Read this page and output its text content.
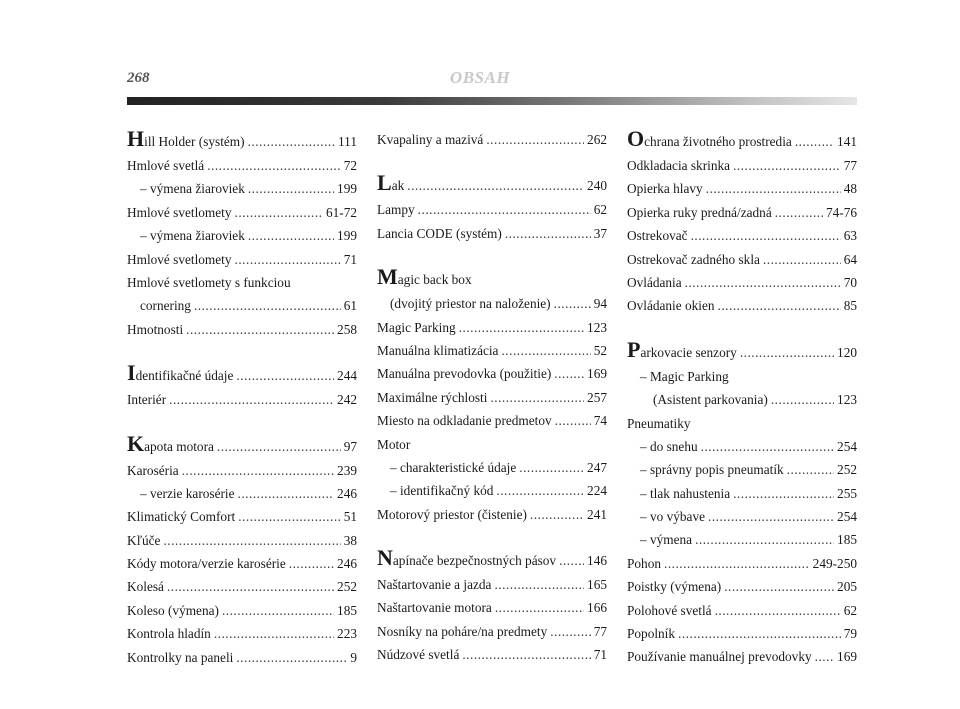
268	OBSAH
Hill Holder (systém) .....	111
Hmlové svetlá .....	72
– výmena žiaroviek .....	199
Hmlové svetlomety .....	61-72
– výmena žiaroviek .....	199
Hmlové svetlomety .....	71
Hmlové svetlomety s funkciou
cornering .....	61
Hmotnosti .....	258
Identifikačné údaje .....	244
Interiér .....	242
Kapota motora .....	97
Karoséria .....	239
– verzie karosérie .....	246
Klimatický Comfort .....	51
Kľúče .....	38
Kódy motora/verzie karosérie .....	246
Kolesá .....	252
Koleso (výmena) .....	185
Kontrola hladín .....	223
Kontrolky na paneli .....	9
Kvapaliny a mazivá .....	262
Lak .....	240
Lampy .....	62
Lancia CODE (systém) .....	37
Magic back box
(dvojitý priestor na naloženie) .....	94
Magic Parking .....	123
Manuálna klimatizácia .....	52
Manuálna prevodovka (použitie) .....	169
Maximálne rýchlosti .....	257
Miesto na odkladanie predmetov .....	74
Motor
– charakteristické údaje .....	247
– identifikačný kód .....	224
Motorový priestor (čistenie) .....	241
Napínače bezpečnostných pásov ..... 146
Naštartovanie a jazda .....	165
Naštartovanie motora .....	166
Nosníky na poháre/na predmety .....	77
Núdzové svetlá .....	71
Ochrana životného prostredia .....	141
Odkladacia skrinka .....	77
Opierka hlavy .....	48
Opierka ruky predná/zadná .....	74-76
Ostrekovač .....	63
Ostrekovač zadného skla .....	64
Ovládania .....	70
Ovládanie okien .....	85
Parkovacie senzory .....	120
– Magic Parking
(Asistent parkovania) .....	123
Pneumatiky
– do snehu .....	254
– správny popis pneumatík .....	252
– tlak nahustenia .....	255
– vo výbave .....	254
– výmena .....	185
Pohon .....	249-250
Poistky (výmena) .....	205
Polohové svetlá .....	62
Popolník .....	79
Používanie manuálnej prevodovky ..... 169
